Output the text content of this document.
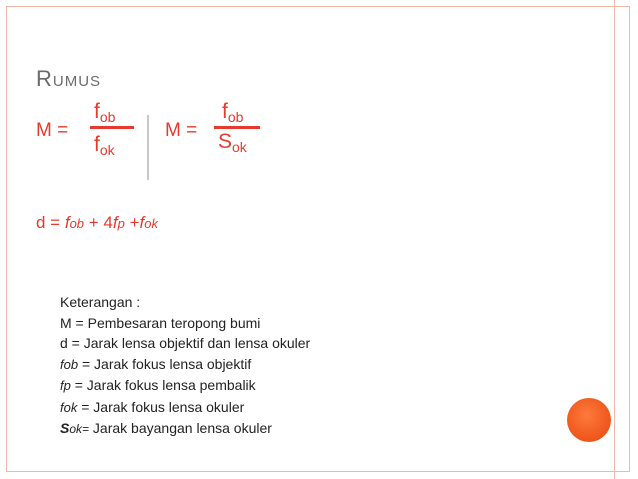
Rumus
M =
fob
fok
M =
fob
Sok
d = fob + 4fp +fok
Keterangan :
M = Pembesaran teropong bumi
d = Jarak lensa objektif dan lensa okuler
fob = Jarak fokus lensa objektif
fp = Jarak fokus lensa pembalik
fok = Jarak fokus lensa okuler
Sok= Jarak bayangan lensa okuler
